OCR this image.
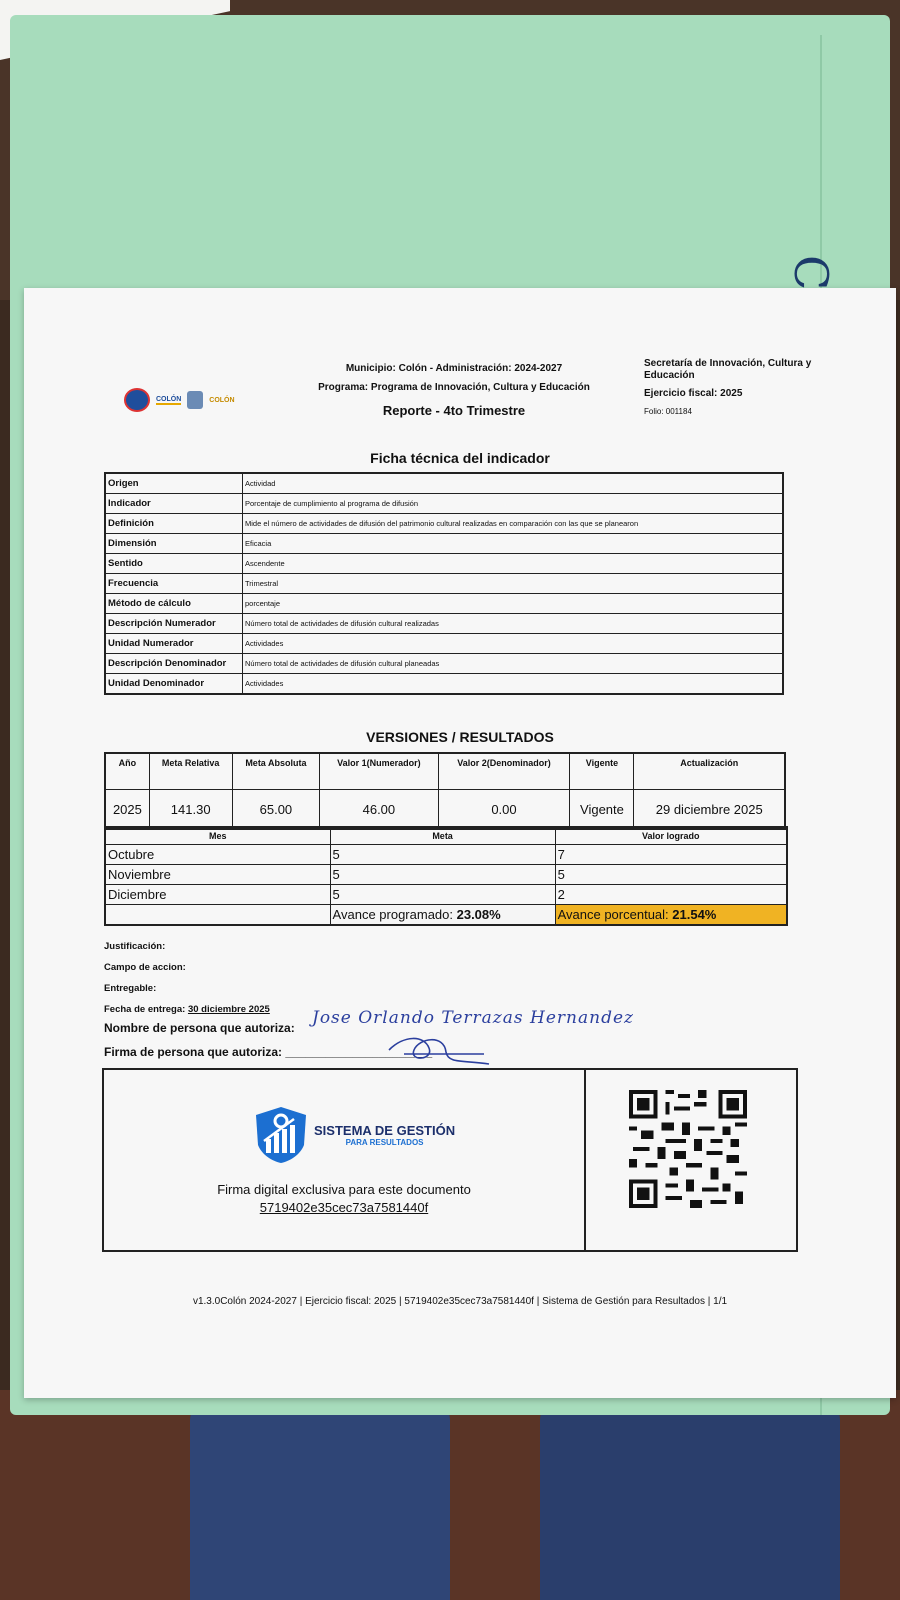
COLÓN	COLÓN
Municipio: Colón - Administración: 2024-2027
Programa: Programa de Innovación, Cultura y Educación
Reporte - 4to Trimestre
Secretaría de Innovación, Cultura y Educación
Ejercicio fiscal: 2025
Folio: 001184
Ficha técnica del indicador
Origen	Actividad
Indicador	Porcentaje de cumplimiento al programa de difusión
Definición	Mide el número de actividades de difusión del patrimonio cultural realizadas en comparación con las que se planearon
Dimensión	Eficacia
Sentido	Ascendente
Frecuencia	Trimestral
Método de cálculo	porcentaje
Descripción Numerador	Número total de actividades de difusión cultural realizadas
Unidad Numerador	Actividades
Descripción Denominador	Número total de actividades de difusión cultural planeadas
Unidad Denominador	Actividades
VERSIONES / RESULTADOS
Año	Meta Relativa	Meta Absoluta	Valor 1(Numerador)	Valor 2(Denominador)	Vigente	Actualización
2025	141.30	65.00	46.00	0.00	Vigente	29 diciembre 2025
Mes	Meta	Valor logrado
Octubre	5	7
Noviembre	5	5
Diciembre	5	2
	Avance programado: 23.08%	Avance porcentual: 21.54%
Justificación:
Campo de accion:
Entregable:
Fecha de entrega: 30 diciembre 2025
Nombre de persona que autoriza:
Firma de persona que autoriza: ______________________
Jose Orlando Terrazas Hernandez
SISTEMA DE GESTIÓN
PARA RESULTADOS
Firma digital exclusiva para este documento
5719402e35cec73a7581440f
v1.3.0Colón 2024-2027 | Ejercicio fiscal: 2025 | 5719402e35cec73a7581440f | Sistema de Gestión para Resultados | 1/1
